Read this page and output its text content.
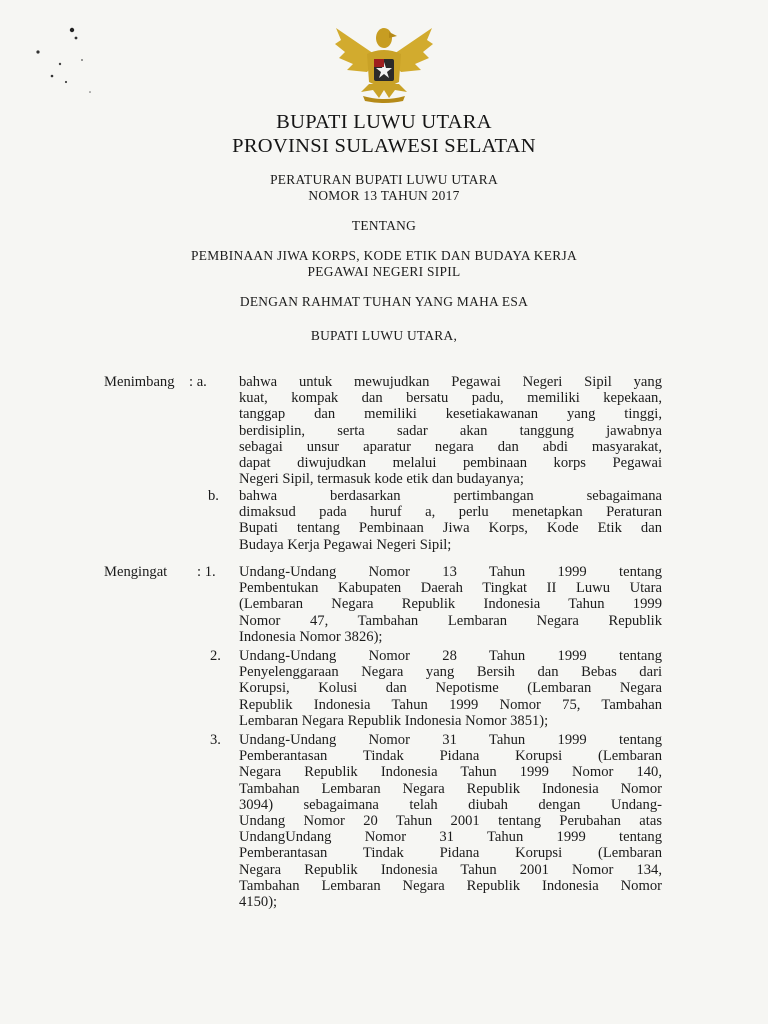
BUPATI LUWU UTARA
PROVINSI SULAWESI SELATAN
PERATURAN BUPATI LUWU UTARA
NOMOR 13 TAHUN 2017
TENTANG
PEMBINAAN JIWA KORPS, KODE ETIK DAN BUDAYA KERJA
PEGAWAI NEGERI SIPIL
DENGAN RAHMAT TUHAN YANG MAHA ESA
BUPATI LUWU UTARA,
Menimbang : a. bahwa untuk mewujudkan Pegawai Negeri Sipil yang
kuat, kompak dan bersatu padu, memiliki kepekaan,
tanggap dan memiliki kesetiakawanan yang tinggi,
berdisiplin, serta sadar akan tanggung jawabnya
sebagai unsur aparatur negara dan abdi masyarakat,
dapat diwujudkan melalui pembinaan korps Pegawai
Negeri Sipil, termasuk kode etik dan budayanya;
b. bahwa berdasarkan pertimbangan sebagaimana
dimaksud pada huruf a, perlu menetapkan Peraturan
Bupati tentang Pembinaan Jiwa Korps, Kode Etik dan
Budaya Kerja Pegawai Negeri Sipil;
Mengingat : 1. Undang-Undang Nomor 13 Tahun 1999 tentang
Pembentukan Kabupaten Daerah Tingkat II Luwu Utara
(Lembaran Negara Republik Indonesia Tahun 1999
Nomor 47, Tambahan Lembaran Negara Republik
Indonesia Nomor 3826);
2. Undang-Undang Nomor 28 Tahun 1999 tentang
Penyelenggaraan Negara yang Bersih dan Bebas dari
Korupsi, Kolusi dan Nepotisme (Lembaran Negara
Republik Indonesia Tahun 1999 Nomor 75, Tambahan
Lembaran Negara Republik Indonesia Nomor 3851);
3. Undang-Undang Nomor 31 Tahun 1999 tentang
Pemberantasan Tindak Pidana Korupsi (Lembaran
Negara Republik Indonesia Tahun 1999 Nomor 140,
Tambahan Lembaran Negara Republik Indonesia Nomor
3094) sebagaimana telah diubah dengan Undang-
Undang Nomor 20 Tahun 2001 tentang Perubahan atas
UndangUndang Nomor 31 Tahun 1999 tentang
Pemberantasan Tindak Pidana Korupsi (Lembaran
Negara Republik Indonesia Tahun 2001 Nomor 134,
Tambahan Lembaran Negara Republik Indonesia Nomor
4150);
